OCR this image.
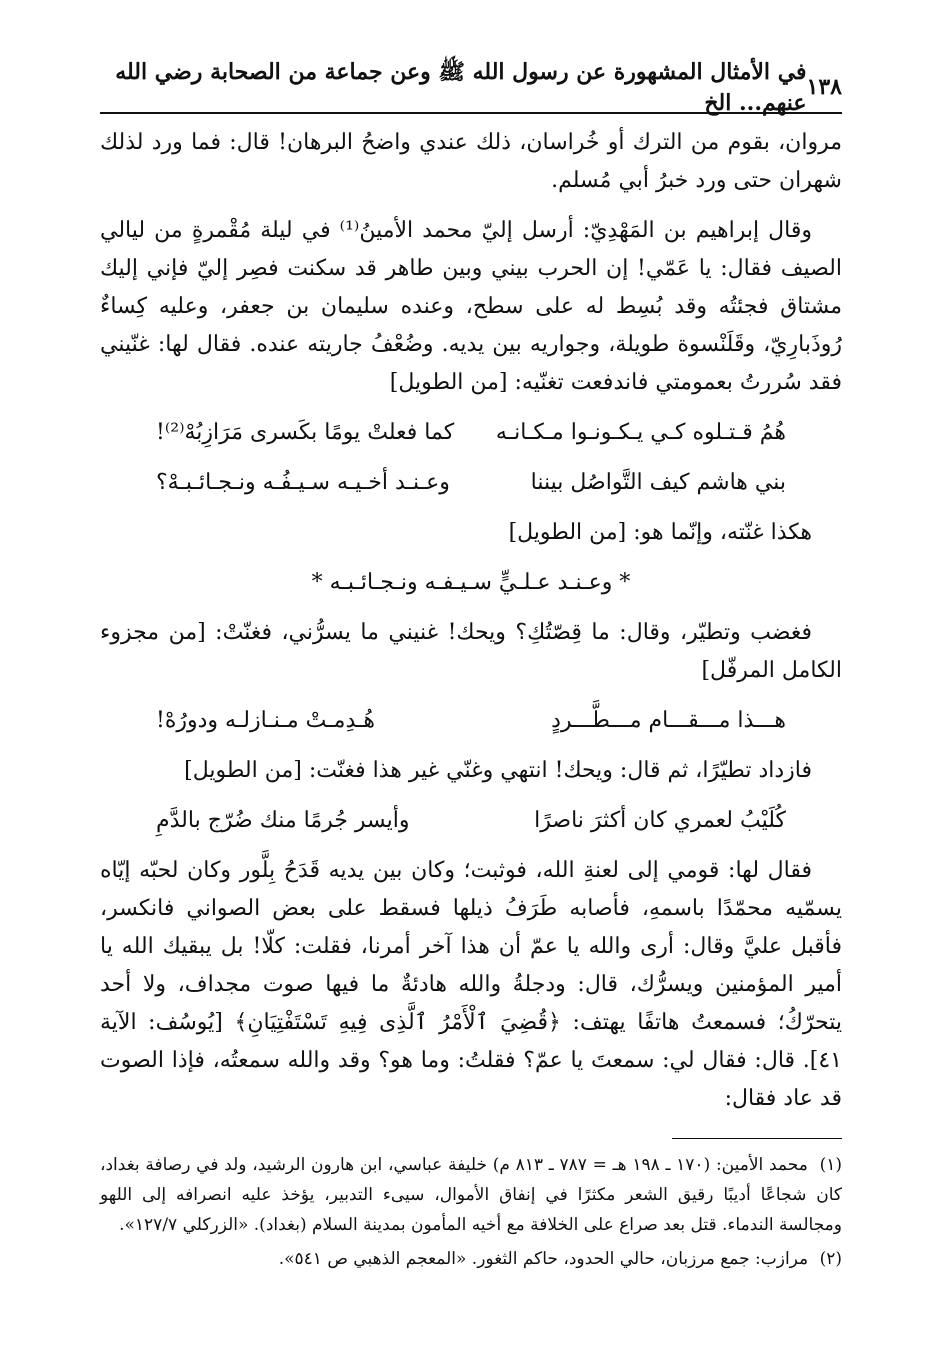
١٣٨
في الأمثال المشهورة عن رسول الله ﷺ وعن جماعة من الصحابة رضي الله عنهم... الخ

مروان، بقوم من الترك أو خُراسان، ذلك عندي واضحُ البرهان! قال: فما ورد لذلك شهران حتى ورد خبرُ أبي مُسلم.

وقال إبراهيم بن المَهْدِيّ: أرسل إليّ محمد الأمينُ⁽¹⁾ في ليلة مُقْمرةٍ من ليالي الصيف فقال: يا عَمّي! إن الحرب بيني وبين طاهر قد سكنت فصِر إليّ فإني إليك مشتاق فجئتُه وقد بُسِط له على سطح، وعنده سليمان بن جعفر، وعليه كِساءٌ رُوذَبارِيّ، وقَلَنْسوة طويلة، وجواريه بين يديه. وضُعْفُ جاريته عنده. فقال لها: غنّيني فقد سُررتُ بعمومتي فاندفعت تغنّيه: [من الطويل]

هُمُ قـتـلوه كـي يـكـونـوا مـكـانـه
كما فعلتْ يومًا بكَسرى مَرَازِبُهْ⁽²⁾!
بني هاشم كيف التَّواصُل بيننا
وعـنـد أخـيـه سـيـفُـه ونـجـائـبـهْ؟

هكذا غنّته، وإنّما هو: [من الطويل]

* وعـنـد عـلـيٍّ سـيـفـه ونـجـائـبـه *

فغضب وتطيّر، وقال: ما قِصّتُكِ؟ ويحك! غنيني ما يسرُّني، فغنّتْ: [من مجزوء الكامل المرفّل]

هـــذا مـــقـــام مـــطَّـــردٍ
هُـدِمـتْ مـنـازلـه ودورُهْ!

فازداد تطيّرًا، ثم قال: ويحك! انتهي وغنّي غير هذا فغنّت: [من الطويل]

كُلَيْبُ لعمري كان أكثرَ ناصرًا
وأيسر جُرمًا منك ضُرّج بالدَّمِ

فقال لها: قومي إلى لعنةِ الله، فوثبت؛ وكان بين يديه قَدَحُ بِلَّور وكان لحبّه إيّاه يسمّيه محمّدًا باسمهِ، فأصابه طَرَفُ ذيلها فسقط على بعض الصواني فانكسر، فأقبل عليَّ وقال: أرى والله يا عمّ أن هذا آخر أمرنا، فقلت: كلّا! بل يبقيك الله يا أمير المؤمنين ويسرُّك، قال: ودجلةُ والله هادئةٌ ما فيها صوت مجداف، ولا أحد يتحرّكُ؛ فسمعتُ هاتفًا يهتف: ﴿قُضِيَ ٱلْأَمْرُ ٱلَّذِى فِيهِ تَسْتَفْتِيَانِ﴾ [يُوسُف: الآية ٤١]. قال: فقال لي: سمعتَ يا عمّ؟ فقلتُ: وما هو؟ وقد والله سمعتُه، فإذا الصوت قد عاد فقال:

(١) محمد الأمين: (١٧٠ ـ ١٩٨ هـ = ٧٨٧ ـ ٨١٣ م) خليفة عباسي، ابن هارون الرشيد، ولد في رصافة بغداد، كان شجاعًا أديبًا رقيق الشعر مكثرًا في إنفاق الأموال، سيىء التدبير، يؤخذ عليه انصرافه إلى اللهو ومجالسة الندماء. قتل بعد صراع على الخلافة مع أخيه المأمون بمدينة السلام (بغداد). «الزركلي ١٢٧/٧».

(٢) مرازب: جمع مرزبان، حالي الحدود، حاكم الثغور. «المعجم الذهبي ص ٥٤١».
